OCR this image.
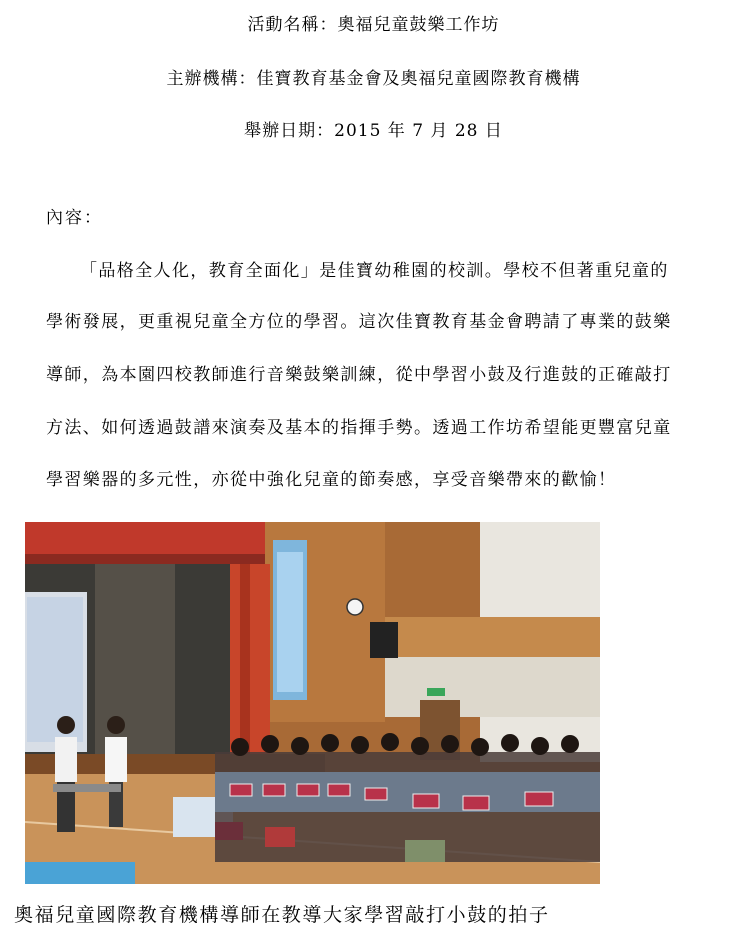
活動名稱：奧福兒童鼓樂工作坊
主辦機構：佳寶教育基金會及奧福兒童國際教育機構
舉辦日期：2015 年 7 月 28 日
內容：
「品格全人化，教育全面化」是佳寶幼稚園的校訓。學校不但著重兒童的
學術發展，更重視兒童全方位的學習。這次佳寶教育基金會聘請了專業的鼓樂
導師，為本園四校教師進行音樂鼓樂訓練，從中學習小鼓及行進鼓的正確敲打
方法、如何透過鼓譜來演奏及基本的指揮手勢。透過工作坊希望能更豐富兒童
學習樂器的多元性，亦從中強化兒童的節奏感，享受音樂帶來的歡愉！
奧福兒童國際教育機構導師在教導大家學習敲打小鼓的拍子
